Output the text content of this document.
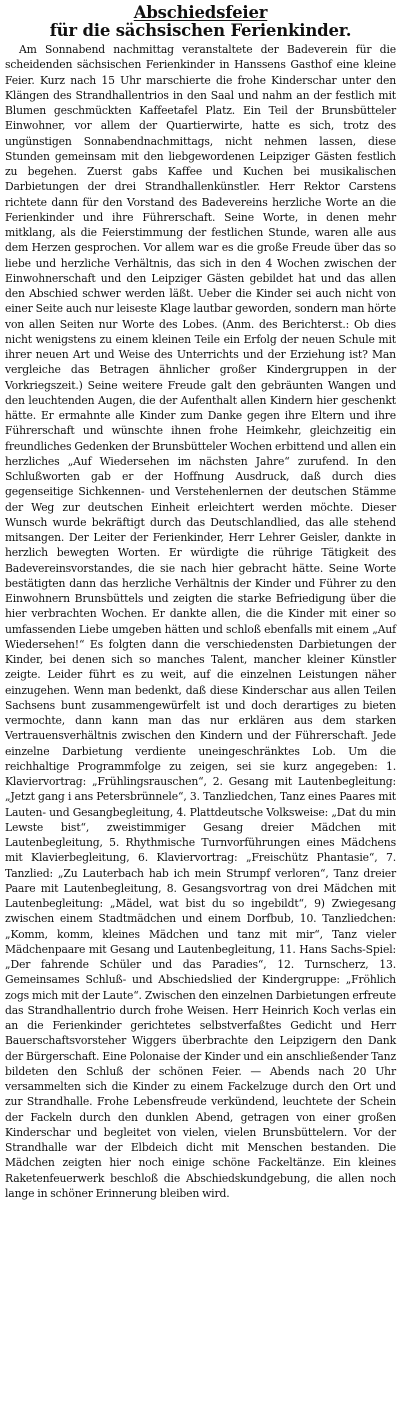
Abschiedsfeier
für die sächsischen Ferienkinder.

Am Sonnabend nachmittag veranstaltete der Badeverein für die scheidenden sächsischen Ferienkinder in Hanssens Gasthof eine kleine Feier. Kurz nach 15 Uhr marschierte die frohe Kinderschar unter den Klängen des Strandhallentrios in den Saal und nahm an der festlich mit Blumen geschmückten Kaffeetafel Platz. Ein Teil der Brunsbütteler Einwohner, vor allem der Quartierwirte, hatte es sich, trotz des ungünstigen Sonnabendnachmittags, nicht nehmen lassen, diese Stunden gemeinsam mit den liebgewordenen Leipziger Gästen festlich zu begehen. Zuerst gabs Kaffee und Kuchen bei musikalischen Darbietungen der drei Strandhallenkünstler. Herr Rektor Carstens richtete dann für den Vorstand des Badevereins herzliche Worte an die Ferienkinder und ihre Führerschaft. Seine Worte, in denen mehr mitklang, als die Feierstimmung der festlichen Stunde, waren alle aus dem Herzen gesprochen. Vor allem war es die große Freude über das so liebe und herzliche Verhältnis, das sich in den 4 Wochen zwischen der Einwohnerschaft und den Leipziger Gästen gebildet hat und das allen den Abschied schwer werden läßt. Ueber die Kinder sei auch nicht von einer Seite auch nur leiseste Klage lautbar geworden, sondern man hörte von allen Seiten nur Worte des Lobes. (Anm. des Berichterst.: Ob dies nicht wenigstens zu einem kleinen Teile ein Erfolg der neuen Schule mit ihrer neuen Art und Weise des Unterrichts und der Erziehung ist? Man vergleiche das Betragen ähnlicher großer Kindergruppen in der Vorkriegszeit.) Seine weitere Freude galt den gebräunten Wangen und den leuchtenden Augen, die der Aufenthalt allen Kindern hier geschenkt hätte. Er ermahnte alle Kinder zum Danke gegen ihre Eltern und ihre Führerschaft und wünschte ihnen frohe Heimkehr, gleichzeitig ein freundliches Gedenken der Brunsbütteler Wochen erbittend und allen ein herzliches „Auf Wiedersehen im nächsten Jahre“ zurufend. In den Schlußworten gab er der Hoffnung Ausdruck, daß durch dies gegenseitige Sichkennen- und Verstehenlernen der deutschen Stämme der Weg zur deutschen Einheit erleichtert werden möchte. Dieser Wunsch wurde bekräftigt durch das Deutschlandlied, das alle stehend mitsangen. Der Leiter der Ferienkinder, Herr Lehrer Geisler, dankte in herzlich bewegten Worten. Er würdigte die rührige Tätigkeit des Badevereinsvorstandes, die sie nach hier gebracht hätte. Seine Worte bestätigten dann das herzliche Verhältnis der Kinder und Führer zu den Einwohnern Brunsbüttels und zeigten die starke Befriedigung über die hier verbrachten Wochen. Er dankte allen, die die Kinder mit einer so umfassenden Liebe umgeben hätten und schloß ebenfalls mit einem „Auf Wiedersehen!“ Es folgten dann die verschiedensten Darbietungen der Kinder, bei denen sich so manches Talent, mancher kleiner Künstler zeigte. Leider führt es zu weit, auf die einzelnen Leistungen näher einzugehen. Wenn man bedenkt, daß diese Kinderschar aus allen Teilen Sachsens bunt zusammengewürfelt ist und doch derartiges zu bieten vermochte, dann kann man das nur erklären aus dem starken Vertrauensverhältnis zwischen den Kindern und der Führerschaft. Jede einzelne Darbietung verdiente uneingeschränktes Lob. Um die reichhaltige Programmfolge zu zeigen, sei sie kurz angegeben: 1. Klaviervortrag: „Frühlingsrauschen“, 2. Gesang mit Lautenbegleitung: „Jetzt gang i ans Petersbrünnele“, 3. Tanzliedchen, Tanz eines Paares mit Lauten- und Gesangbegleitung, 4. Plattdeutsche Volksweise: „Dat du min Lewste bist“, zweistimmiger Gesang dreier Mädchen mit Lautenbegleitung, 5. Rhythmische Turnvorführungen eines Mädchens mit Klavierbegleitung, 6. Klaviervortrag: „Freischütz Phantasie“, 7. Tanzlied: „Zu Lauterbach hab ich mein Strumpf verloren“, Tanz dreier Paare mit Lautenbegleitung, 8. Gesangsvortrag von drei Mädchen mit Lautenbegleitung: „Mädel, wat bist du so ingebildt“, 9) Zwiegesang zwischen einem Stadtmädchen und einem Dorfbub, 10. Tanzliedchen: „Komm, komm, kleines Mädchen und tanz mit mir“, Tanz vieler Mädchenpaare mit Gesang und Lautenbegleitung, 11. Hans Sachs-Spiel: „Der fahrende Schüler und das Paradies“, 12. Turnscherz, 13. Gemeinsames Schluß- und Abschiedslied der Kindergruppe: „Fröhlich zogs mich mit der Laute“. Zwischen den einzelnen Darbietungen erfreute das Strandhallentrio durch frohe Weisen. Herr Heinrich Koch verlas ein an die Ferienkinder gerichtetes selbstverfaßtes Gedicht und Herr Bauerschaftsvorsteher Wiggers überbrachte den Leipzigern den Dank der Bürgerschaft. Eine Polonaise der Kinder und ein anschließender Tanz bildeten den Schluß der schönen Feier. — Abends nach 20 Uhr versammelten sich die Kinder zu einem Fackelzuge durch den Ort und zur Strandhalle. Frohe Lebensfreude verkündend, leuchtete der Schein der Fackeln durch den dunklen Abend, getragen von einer großen Kinderschar und begleitet von vielen, vielen Brunsbüttelern. Vor der Strandhalle war der Elbdeich dicht mit Menschen bestanden. Die Mädchen zeigten hier noch einige schöne Fackeltänze. Ein kleines Raketenfeuerwerk beschloß die Abschiedskundgebung, die allen noch lange in schöner Erinnerung bleiben wird.
